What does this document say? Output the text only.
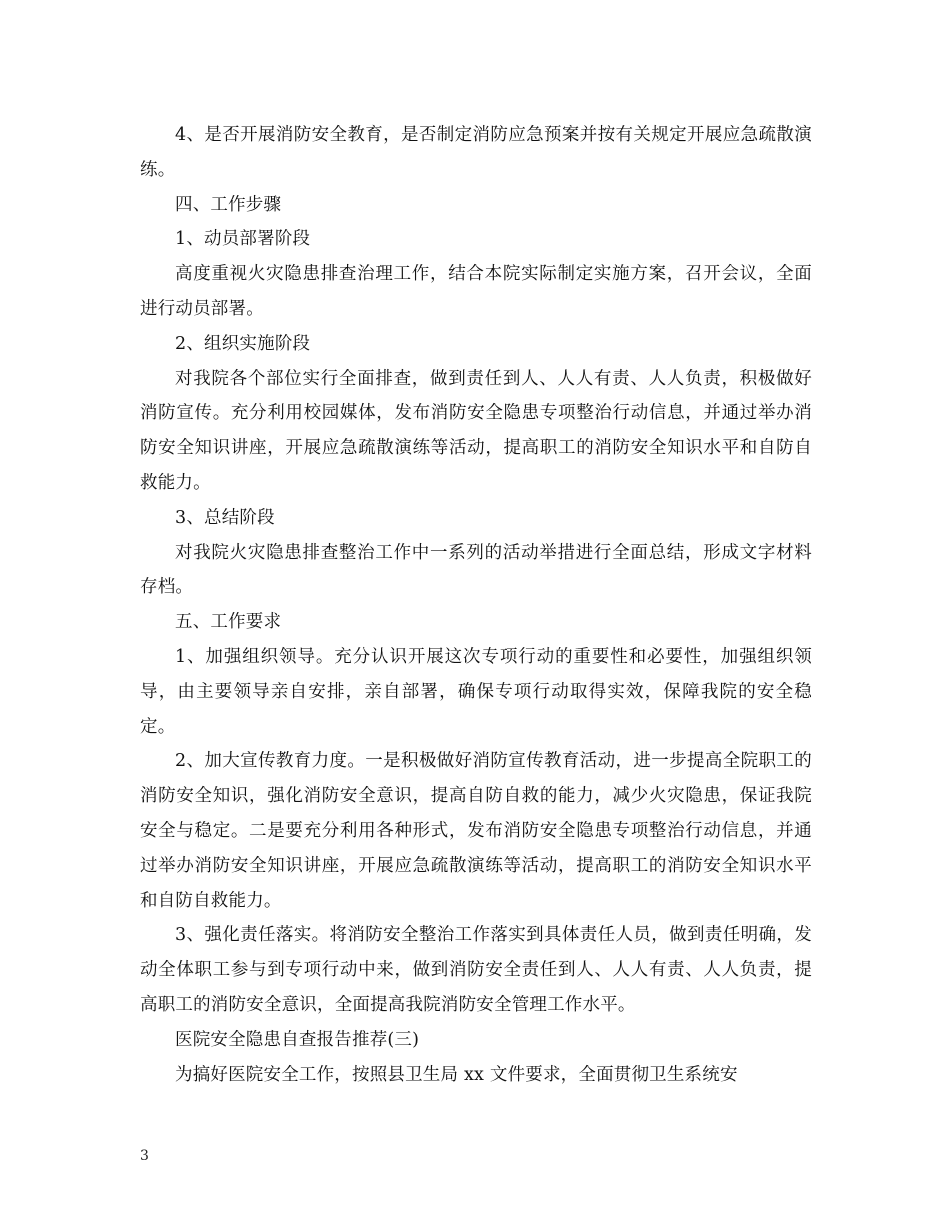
4、是否开展消防安全教育，是否制定消防应急预案并按有关规定开展应急疏散演练。

四、工作步骤

1、动员部署阶段

高度重视火灾隐患排查治理工作，结合本院实际制定实施方案，召开会议，全面进行动员部署。

2、组织实施阶段

对我院各个部位实行全面排查，做到责任到人、人人有责、人人负责，积极做好消防宣传。充分利用校园媒体，发布消防安全隐患专项整治行动信息，并通过举办消防安全知识讲座，开展应急疏散演练等活动，提高职工的消防安全知识水平和自防自救能力。

3、总结阶段

对我院火灾隐患排查整治工作中一系列的活动举措进行全面总结，形成文字材料存档。

五、工作要求

1、加强组织领导。充分认识开展这次专项行动的重要性和必要性，加强组织领导，由主要领导亲自安排，亲自部署，确保专项行动取得实效，保障我院的安全稳定。

2、加大宣传教育力度。一是积极做好消防宣传教育活动，进一步提高全院职工的消防安全知识，强化消防安全意识，提高自防自救的能力，减少火灾隐患，保证我院安全与稳定。二是要充分利用各种形式，发布消防安全隐患专项整治行动信息，并通过举办消防安全知识讲座，开展应急疏散演练等活动，提高职工的消防安全知识水平和自防自救能力。

3、强化责任落实。将消防安全整治工作落实到具体责任人员，做到责任明确，发动全体职工参与到专项行动中来，做到消防安全责任到人、人人有责、人人负责，提高职工的消防安全意识，全面提高我院消防安全管理工作水平。

医院安全隐患自查报告推荐(三)

为搞好医院安全工作，按照县卫生局 xx 文件要求，全面贯彻卫生系统安

3
